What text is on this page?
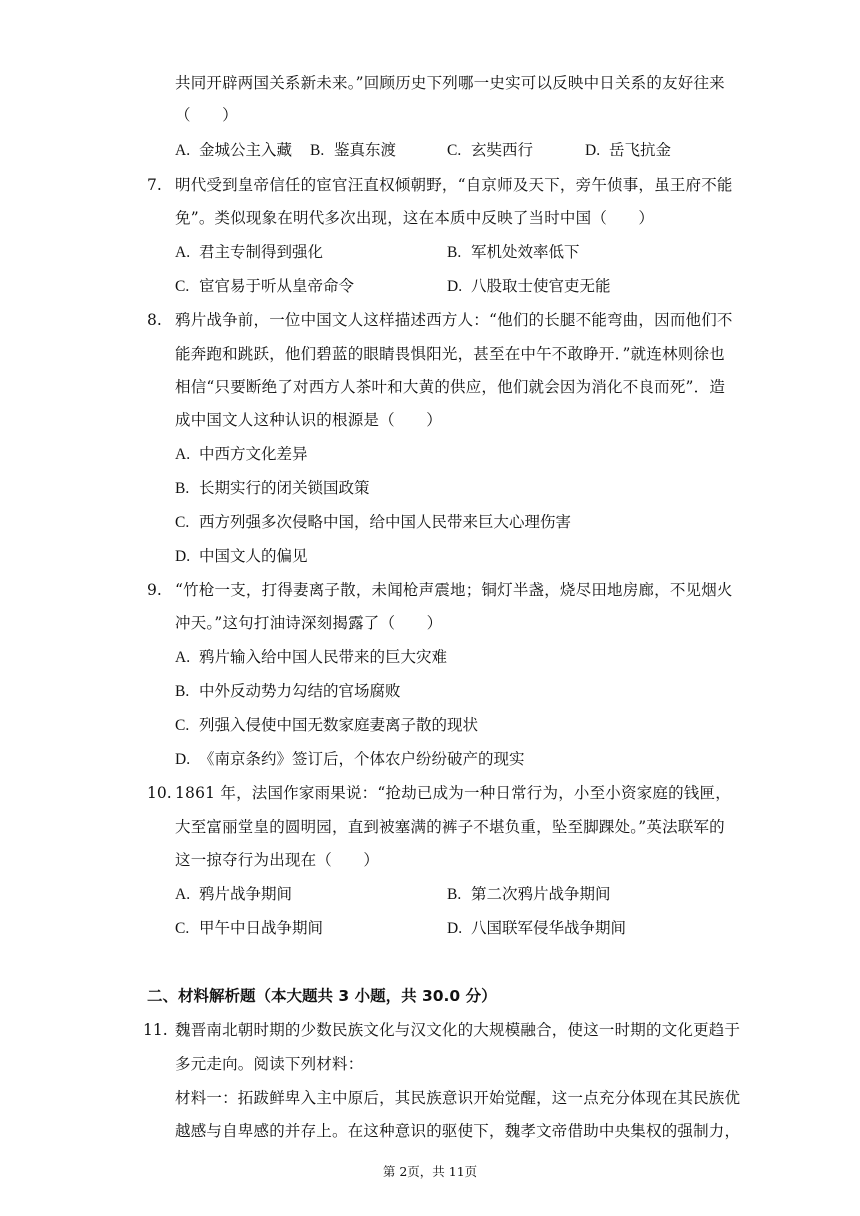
共同开辟两国关系新未来。”回顾历史下列哪一史实可以反映中日关系的友好往来
（　　）
A. 金城公主入藏 B. 鉴真东渡	C. 玄奘西行	D. 岳飞抗金
7. 明代受到皇帝信任的宦官汪直权倾朝野，“自京师及天下，旁午侦事，虽王府不能
免”。类似现象在明代多次出现，这在本质中反映了当时中国（　　）
A. 君主专制得到强化	B. 军机处效率低下
C. 宦官易于听从皇帝命令	D. 八股取士使官吏无能
8. 鸦片战争前，一位中国文人这样描述西方人：“他们的长腿不能弯曲，因而他们不
能奔跑和跳跃，他们碧蓝的眼睛畏惧阳光，甚至在中午不敢睁开．”就连林则徐也
相信“只要断绝了对西方人茶叶和大黄的供应，他们就会因为消化不良而死”．造
成中国文人这种认识的根源是（　　）
A. 中西方文化差异
B. 长期实行的闭关锁国政策
C. 西方列强多次侵略中国，给中国人民带来巨大心理伤害
D. 中国文人的偏见
9. “竹枪一支，打得妻离子散，未闻枪声震地；铜灯半盏，烧尽田地房廊，不见烟火
冲天。”这句打油诗深刻揭露了（　　）
A. 鸦片输入给中国人民带来的巨大灾难
B. 中外反动势力勾结的官场腐败
C. 列强入侵使中国无数家庭妻离子散的现状
D. 《南京条约》签订后，个体农户纷纷破产的现实
10. 1861 年，法国作家雨果说：“抢劫已成为一种日常行为，小至小资家庭的钱匣，
大至富丽堂皇的圆明园，直到被塞满的裤子不堪负重，坠至脚踝处。”英法联军的
这一掠夺行为出现在（　　）
A. 鸦片战争期间	B. 第二次鸦片战争期间
C. 甲午中日战争期间	D. 八国联军侵华战争期间
二、材料解析题（本大题共 3 小题，共 30.0 分）
11. 魏晋南北朝时期的少数民族文化与汉文化的大规模融合，使这一时期的文化更趋于
多元走向。阅读下列材料：
材料一：拓跋鲜卑入主中原后，其民族意识开始觉醒，这一点充分体现在其民族优
越感与自卑感的并存上。在这种意识的驱使下，魏孝文帝借助中央集权的强制力，
第 2页，共 11页
